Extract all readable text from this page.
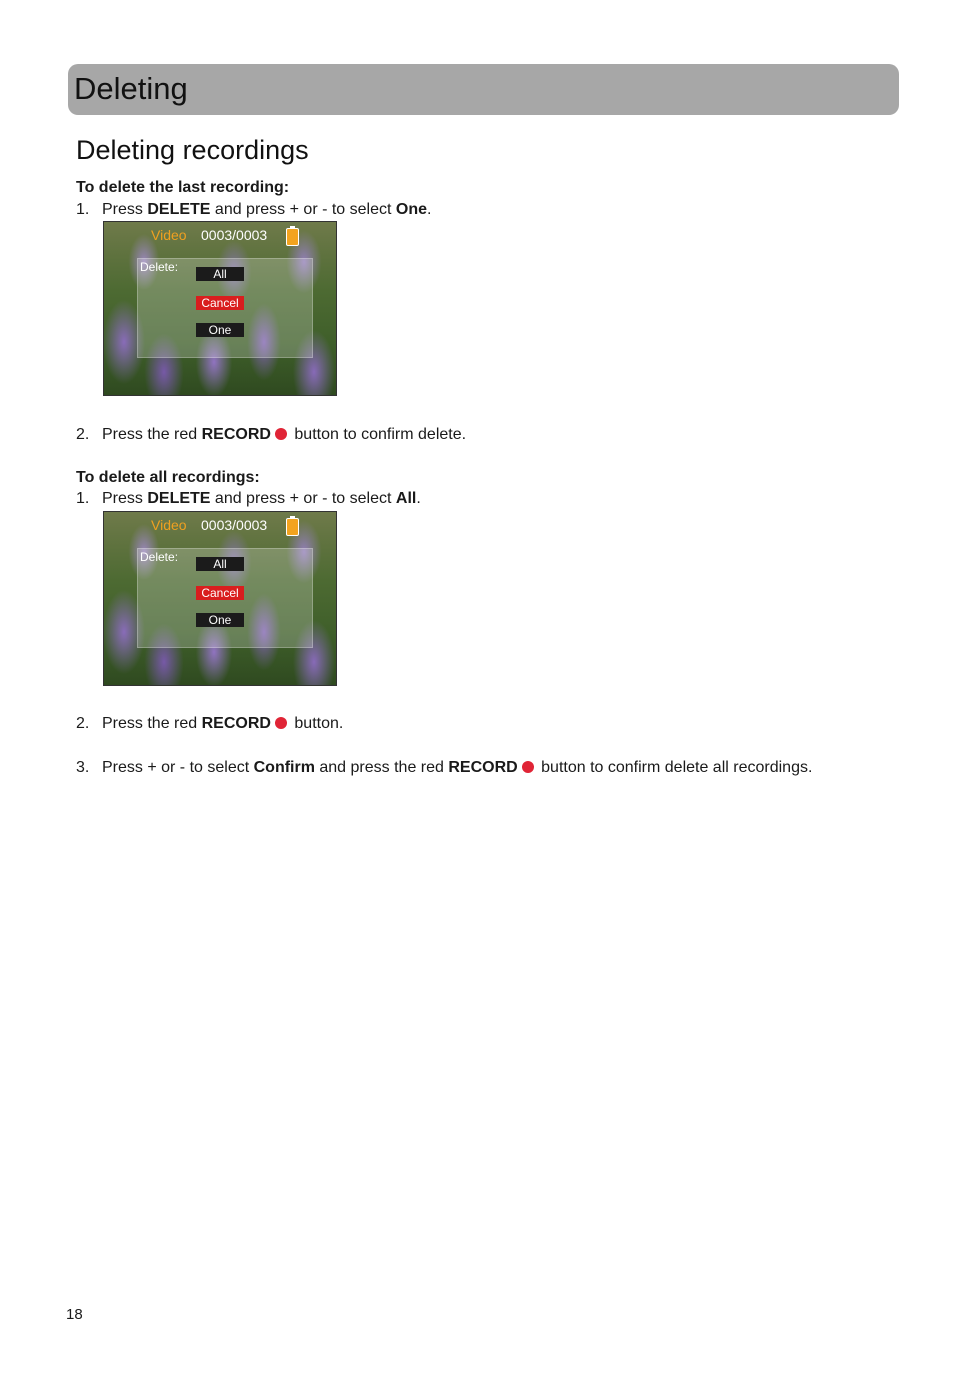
Deleting
Deleting recordings
To delete the last recording:
1. Press DELETE and press + or - to select One.
Video 0003/0003
Delete:	All
Cancel
One
2. Press the red RECORD button to confirm delete.
To delete all recordings:
1. Press DELETE and press + or - to select All.
Video 0003/0003
Delete:	All
Cancel
One
2. Press the red RECORD button.
3. Press + or - to select Confirm and press the red RECORD button to confirm delete all recordings.
18
